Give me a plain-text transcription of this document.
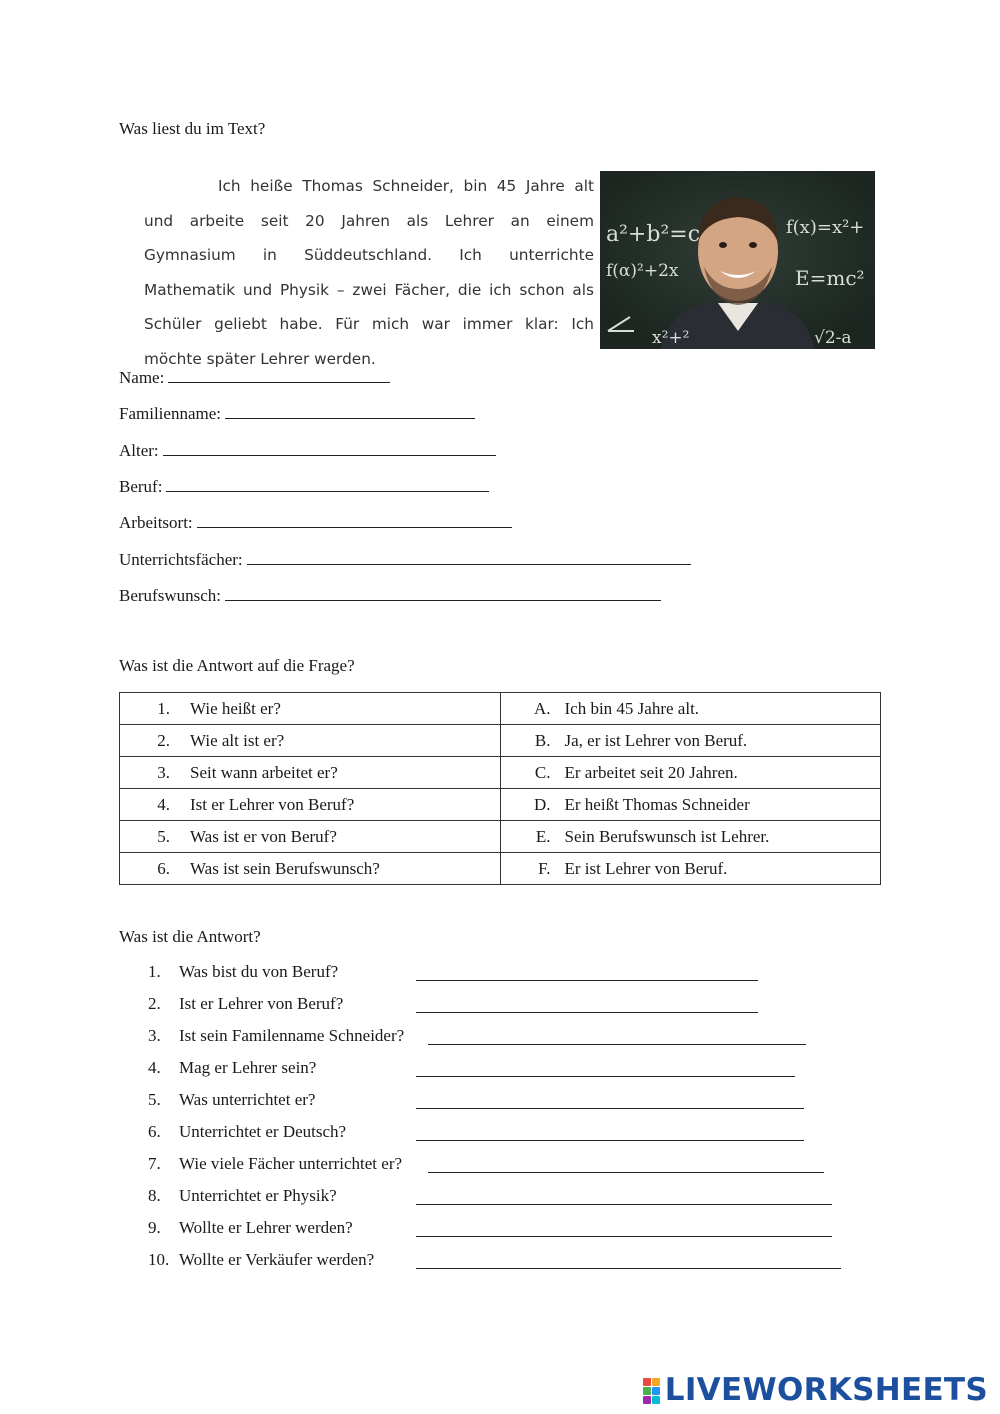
Was liest du im Text?

Ich heiße Thomas Schneider, bin 45 Jahre alt und arbeite seit 20 Jahren als Lehrer an einem Gymnasium in Süddeutschland. Ich unterrichte Mathematik und Physik – zwei Fächer, die ich schon als Schüler geliebt habe. Für mich war immer klar: Ich möchte später Lehrer werden.

a²+b²=c	f(x)=x²+
f(α)²+2x	E=mc²
x²+²	√2-a
Name:
Familienname:
Alter:
Beruf:
Arbeitsort:
Unterrichtsfächer:
Berufswunsch:
Was ist die Antwort auf die Frage?
1. Wie heißt er?	A. Ich bin 45 Jahre alt.
2. Wie alt ist er?	B. Ja, er ist Lehrer von Beruf.
3. Seit wann arbeitet er?	C. Er arbeitet seit 20 Jahren.
4. Ist er Lehrer von Beruf?	D. Er heißt Thomas Schneider
5. Was ist er von Beruf?	E. Sein Berufswunsch ist Lehrer.
6. Was ist sein Berufswunsch?	F. Er ist Lehrer von Beruf.
Was ist die Antwort?
1. Was bist du von Beruf?
2. Ist er Lehrer von Beruf?
3. Ist sein Familenname Schneider?
4. Mag er Lehrer sein?
5. Was unterrichtet er?
6. Unterrichtet er Deutsch?
7. Wie viele Fächer unterrichtet er?
8. Unterrichtet er Physik?
9. Wollte er Lehrer werden?
10. Wollte er Verkäufer werden?
LIVEWORKSHEETS
